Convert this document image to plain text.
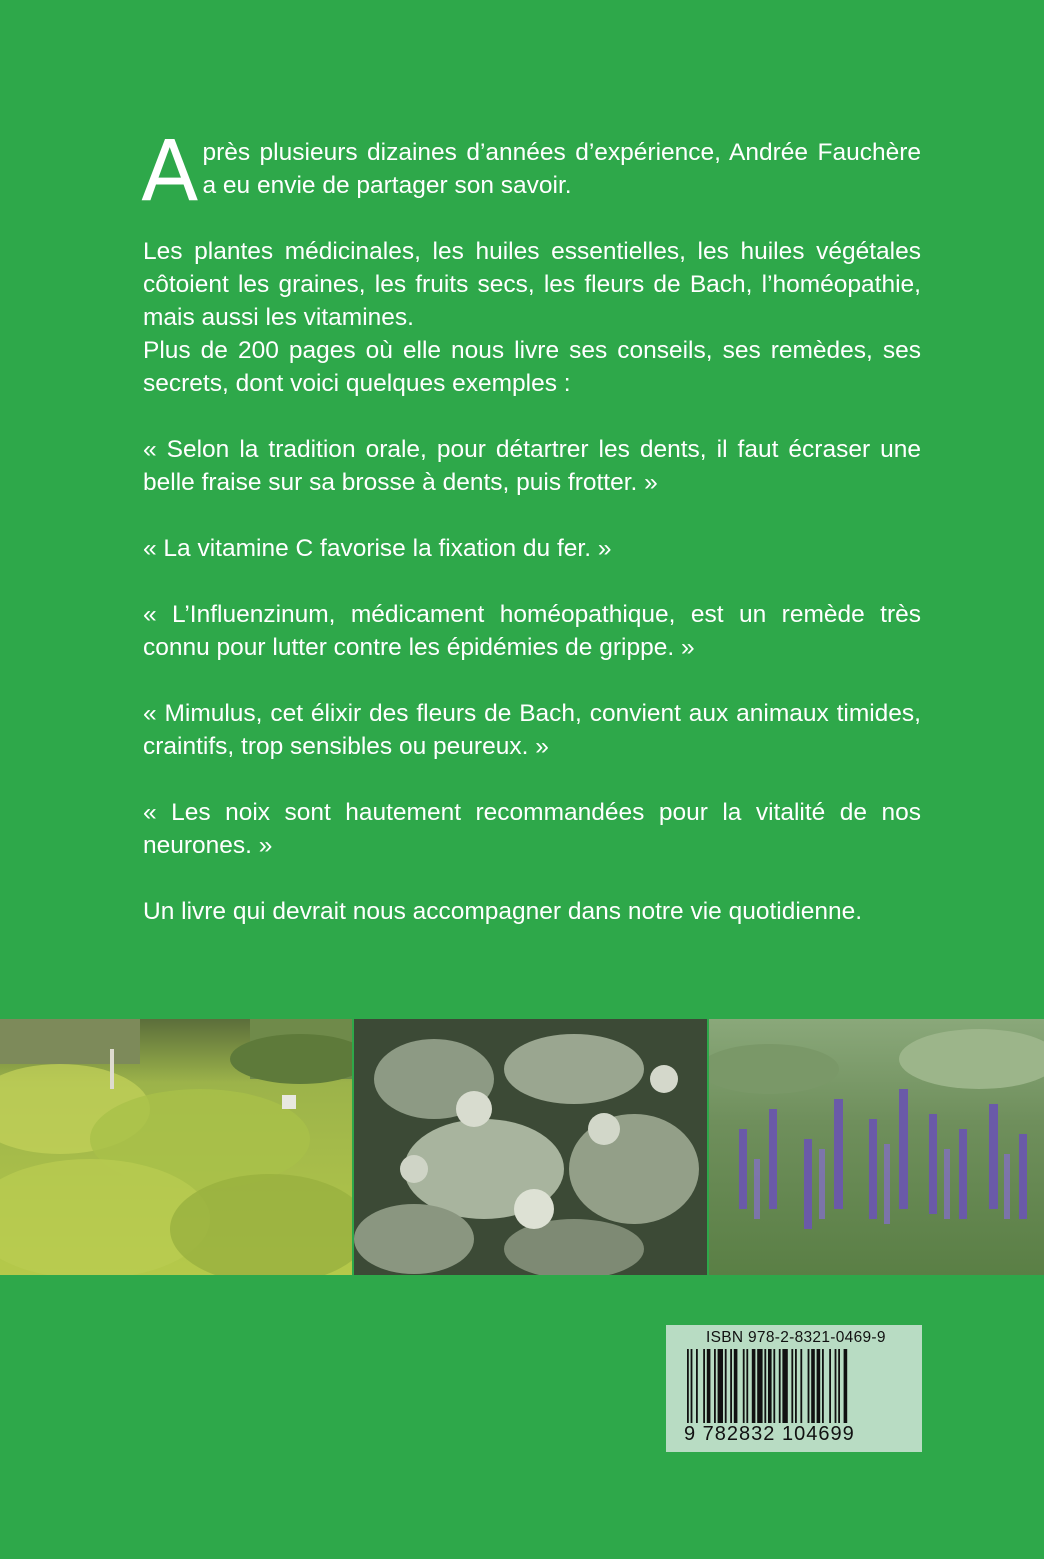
Après plusieurs dizaines d’années d’expérience, Andrée Fauchère a eu envie de partager son savoir.

Les plantes médicinales, les huiles essentielles, les huiles végétales côtoient les graines, les fruits secs, les fleurs de Bach, l’homéopathie, mais aussi les vitamines.

Plus de 200 pages où elle nous livre ses conseils, ses remèdes, ses secrets, dont voici quelques exemples :

« Selon la tradition orale, pour détartrer les dents, il faut écraser une belle fraise sur sa brosse à dents, puis frotter. »

« La vitamine C favorise la fixation du fer. »

« L’Influenzinum, médicament homéopathique, est un remède très connu pour lutter contre les épidémies de grippe. »

« Mimulus, cet élixir des fleurs de Bach, convient aux animaux timides, craintifs, trop sensibles ou peureux. »

« Les noix sont hautement recommandées pour la vitalité de nos neurones. »

Un livre qui devrait nous accompagner dans notre vie quotidienne.

ISBN 978-2-8321-0469-9
9 782832 104699
